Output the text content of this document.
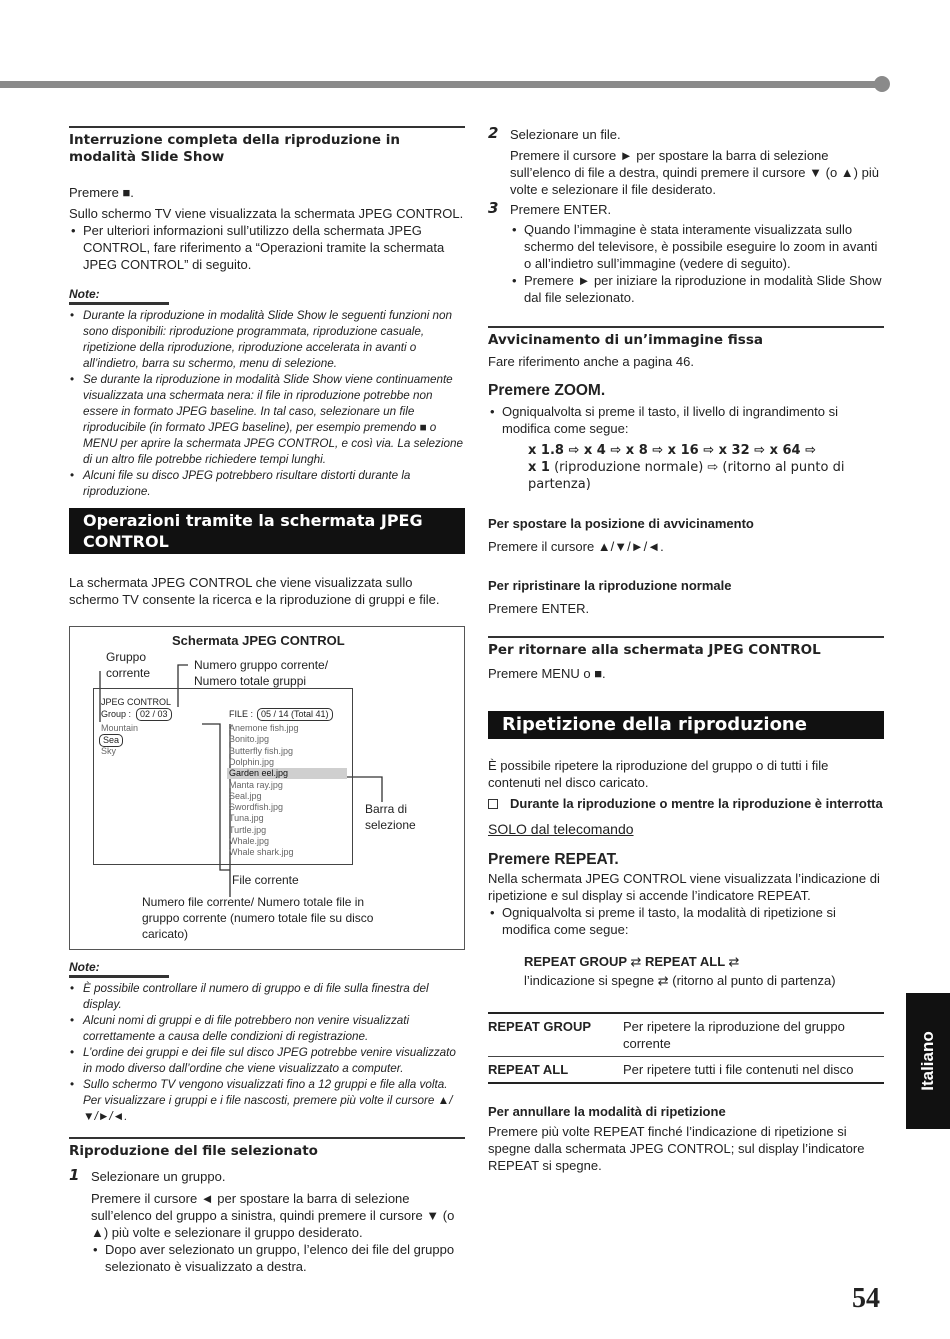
Interruzione completa della riproduzione in modalità Slide Show

Premere ■.

Sullo schermo TV viene visualizzata la schermata JPEG CONTROL.

• Per ulteriori informazioni sull’utilizzo della schermata JPEG CONTROL, fare riferimento a “Operazioni tramite la schermata JPEG CONTROL” di seguito.
Note:
• Durante la riproduzione in modalità Slide Show le seguenti funzioni non sono disponibili: riproduzione programmata, riproduzione casuale, ripetizione della riproduzione, riproduzione accelerata in avanti o all’indietro, barra su schermo, menu di selezione.
• Se durante la riproduzione in modalità Slide Show viene continuamente visualizzata una schermata nera: il file in riproduzione potrebbe non essere in formato JPEG baseline. In tal caso, selezionare un file riproducibile (in formato JPEG baseline), per esempio premendo ■ o MENU per aprire la schermata JPEG CONTROL, e così via. La selezione di un altro file potrebbe richiedere tempi lunghi.
• Alcuni file su disco JPEG potrebbero risultare distorti durante la riproduzione.
Operazioni tramite la schermata JPEG CONTROL

La schermata JPEG CONTROL che viene visualizzata sullo schermo TV consente la ricerca e la riproduzione di gruppi e file.

Schermata JPEG CONTROL
Gruppo corrente
Numero gruppo corrente/ Numero totale gruppi
JPEG CONTROL
Group : 02 / 03
Mountain
Sea
Sky
FILE : 05 / 14 (Total 41)
Anemone fish.jpg
Bonito.jpg
Butterfly fish.jpg
Dolphin.jpg
Garden eel.jpg
Manta ray.jpg
Seal.jpg
Swordfish.jpg
Tuna.jpg
Turtle.jpg
Whale.jpg
Whale shark.jpg
Barra di selezione
File corrente
Numero file corrente/ Numero totale file in gruppo corrente (numero totale file su disco caricato)
Note:
• È possibile controllare il numero di gruppo e di file sulla finestra del display.
• Alcuni nomi di gruppi e di file potrebbero non venire visualizzati correttamente a causa delle condizioni di registrazione.
• L’ordine dei gruppi e dei file sul disco JPEG potrebbe venire visualizzato in modo diverso dall’ordine che viene visualizzato a computer.
• Sullo schermo TV vengono visualizzati fino a 12 gruppi e file alla volta. Per visualizzare i gruppi e i file nascosti, premere più volte il cursore ▲/▼/►/◄.
Riproduzione del file selezionato
1 Selezionare un gruppo.

Premere il cursore ◄ per spostare la barra di selezione sull’elenco del gruppo a sinistra, quindi premere il cursore ▼ (o ▲) più volte e selezionare il gruppo desiderato.

• Dopo aver selezionato un gruppo, l’elenco dei file del gruppo selezionato è visualizzato a destra.
2 Selezionare un file.

Premere il cursore ► per spostare la barra di selezione sull’elenco di file a destra, quindi premere il cursore ▼ (o ▲) più volte e selezionare il file desiderato.

3 Premere ENTER.
• Quando l’immagine è stata interamente visualizzata sullo schermo del televisore, è possibile eseguire lo zoom in avanti o all’indietro sull’immagine (vedere di seguito).
• Premere ► per iniziare la riproduzione in modalità Slide Show dal file selezionato.
Avvicinamento di un’immagine fissa

Fare riferimento anche a pagina 46.

Premere ZOOM.
• Ogniqualvolta si preme il tasto, il livello di ingrandimento si modifica come segue:

x 1.8 ⇨ x 4 ⇨ x 8 ⇨ x 16 ⇨ x 32 ⇨ x 64 ⇨

x 1 (riproduzione normale) ⇨ (ritorno al punto di partenza)

Per spostare la posizione di avvicinamento

Premere il cursore ▲/▼/►/◄.

Per ripristinare la riproduzione normale

Premere ENTER.

Per ritornare alla schermata JPEG CONTROL

Premere MENU o ■.

Ripetizione della riproduzione

È possibile ripetere la riproduzione del gruppo o di tutti i file contenuti nel disco caricato.

Durante la riproduzione o mentre la riproduzione è interrotta

SOLO dal telecomando

Premere REPEAT.

Nella schermata JPEG CONTROL viene visualizzata l’indicazione di ripetizione e sul display si accende l’indicatore REPEAT.

• Ogniqualvolta si preme il tasto, la modalità di ripetizione si modifica come segue:
REPEAT GROUP ⇄ REPEAT ALL ⇄
l’indicazione si spegne ⇄ (ritorno al punto di partenza)
REPEAT GROUP	Per ripetere la riproduzione del gruppo corrente
REPEAT ALL	Per ripetere tutti i file contenuti nel disco
Per annullare la modalità di ripetizione

Premere più volte REPEAT finché l’indicazione di ripetizione si spegne dalla schermata JPEG CONTROL; sul display l’indicatore REPEAT si spegne.

Italiano
54
